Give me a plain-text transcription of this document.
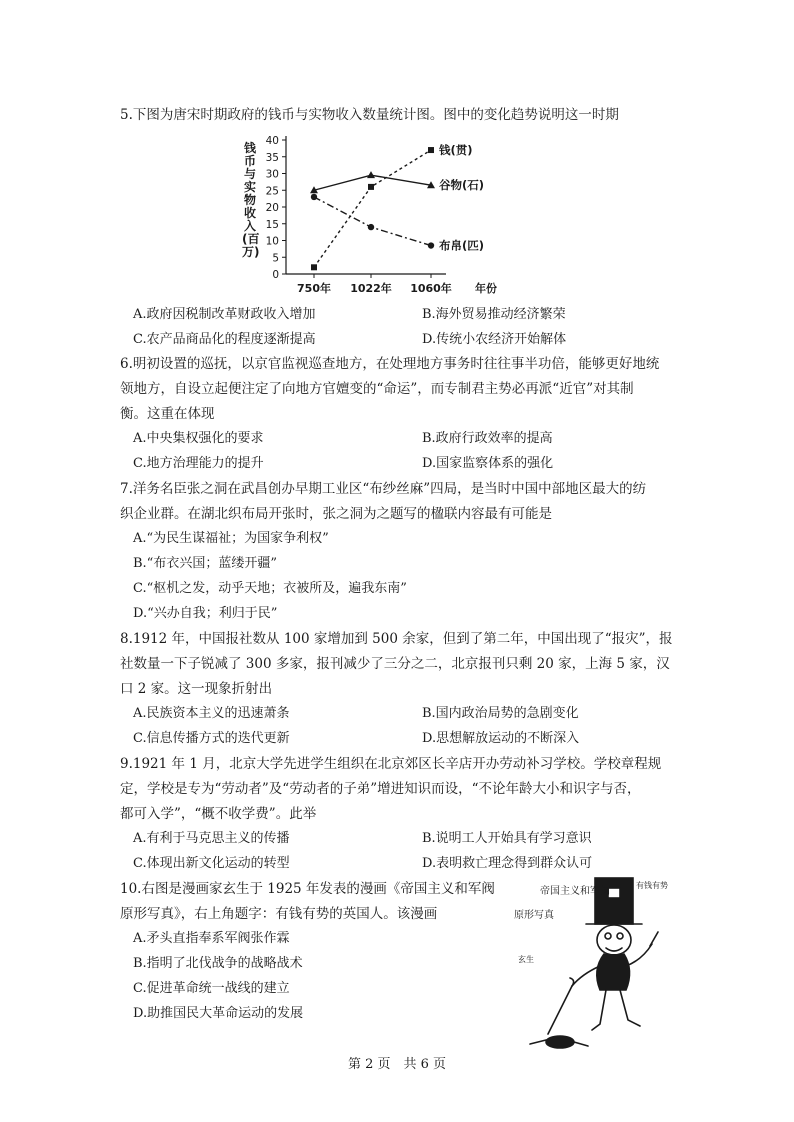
5.下图为唐宋时期政府的钱币与实物收入数量统计图。图中的变化趋势说明这一时期
钱币与实物收入(百万)
0
5
10
15
20
25
30
35
40
750年 1022年 1060年 年份
钱(贯)
谷物(石)
布帛(匹)
A.政府因税制改革财政收入增加	B.海外贸易推动经济繁荣
C.农产品商品化的程度逐渐提高	D.传统小农经济开始解体
6.明初设置的巡抚，以京官监视巡查地方，在处理地方事务时往往事半功倍，能够更好地统
领地方，自设立起便注定了向地方官嬗变的“命运”，而专制君主势必再派“近官”对其制
衡。这重在体现
A.中央集权强化的要求	B.政府行政效率的提高
C.地方治理能力的提升	D.国家监察体系的强化
7.洋务名臣张之洞在武昌创办早期工业区“布纱丝麻”四局，是当时中国中部地区最大的纺
织企业群。在湖北织布局开张时，张之洞为之题写的楹联内容最有可能是
A.“为民生谋福祉；为国家争利权”
B.“布衣兴国；蓝缕开疆”
C.“枢机之发，动乎天地；衣被所及，遍我东南”
D.“兴办自我；利归于民”
8.1912 年，中国报社数从 100 家增加到 500 余家，但到了第二年，中国出现了“报灾”，报
社数量一下子锐减了 300 多家，报刊减少了三分之二，北京报刊只剩 20 家，上海 5 家，汉
口 2 家。这一现象折射出
A.民族资本主义的迅速萧条	B.国内政治局势的急剧变化
C.信息传播方式的迭代更新	D.思想解放运动的不断深入
9.1921 年 1 月，北京大学先进学生组织在北京郊区长辛店开办劳动补习学校。学校章程规
定，学校是专为“劳动者”及“劳动者的子弟”增进知识而设，“不论年龄大小和识字与否，
都可入学”，“概不收学费”。此举
A.有利于马克思主义的传播	B.说明工人开始具有学习意识
C.体现出新文化运动的转型	D.表明救亡理念得到群众认可
10.右图是漫画家玄生于 1925 年发表的漫画《帝国主义和军阀
原形写真》，右上角题字：有钱有势的英国人。该漫画
A.矛头直指奉系军阀张作霖
B.指明了北伐战争的战略战术
C.促进革命统一战线的建立
D.助推国民大革命运动的发展
帝国主义和军阀
原形写真
有钱有势
玄生
第 2 页　共 6 页
